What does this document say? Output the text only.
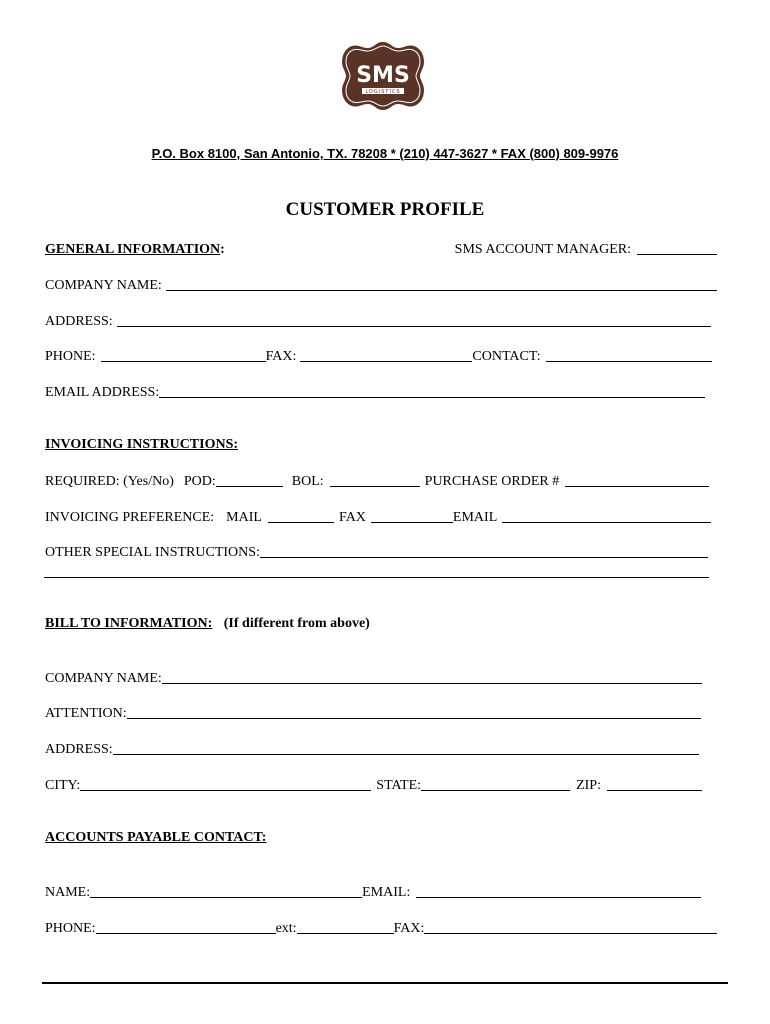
SMS
LOGISTICS
P.O. Box 8100, San Antonio, TX. 78208 * (210) 447-3627 * FAX (800) 809-9976
CUSTOMER PROFILE
GENERAL INFORMATION:	SMS ACCOUNT MANAGER:
COMPANY NAME:
ADDRESS:
PHONE:	FAX:	CONTACT:
EMAIL ADDRESS:
INVOICING INSTRUCTIONS:
REQUIRED: (Yes/No) POD:	BOL:	PURCHASE ORDER #
INVOICING PREFERENCE: MAIL	FAX	EMAIL
OTHER SPECIAL INSTRUCTIONS:
BILL TO INFORMATION: (If different from above)
COMPANY NAME:
ATTENTION:
ADDRESS:
CITY:	STATE:	ZIP:
ACCOUNTS PAYABLE CONTACT:
NAME:	EMAIL:
PHONE:	ext:	FAX:
